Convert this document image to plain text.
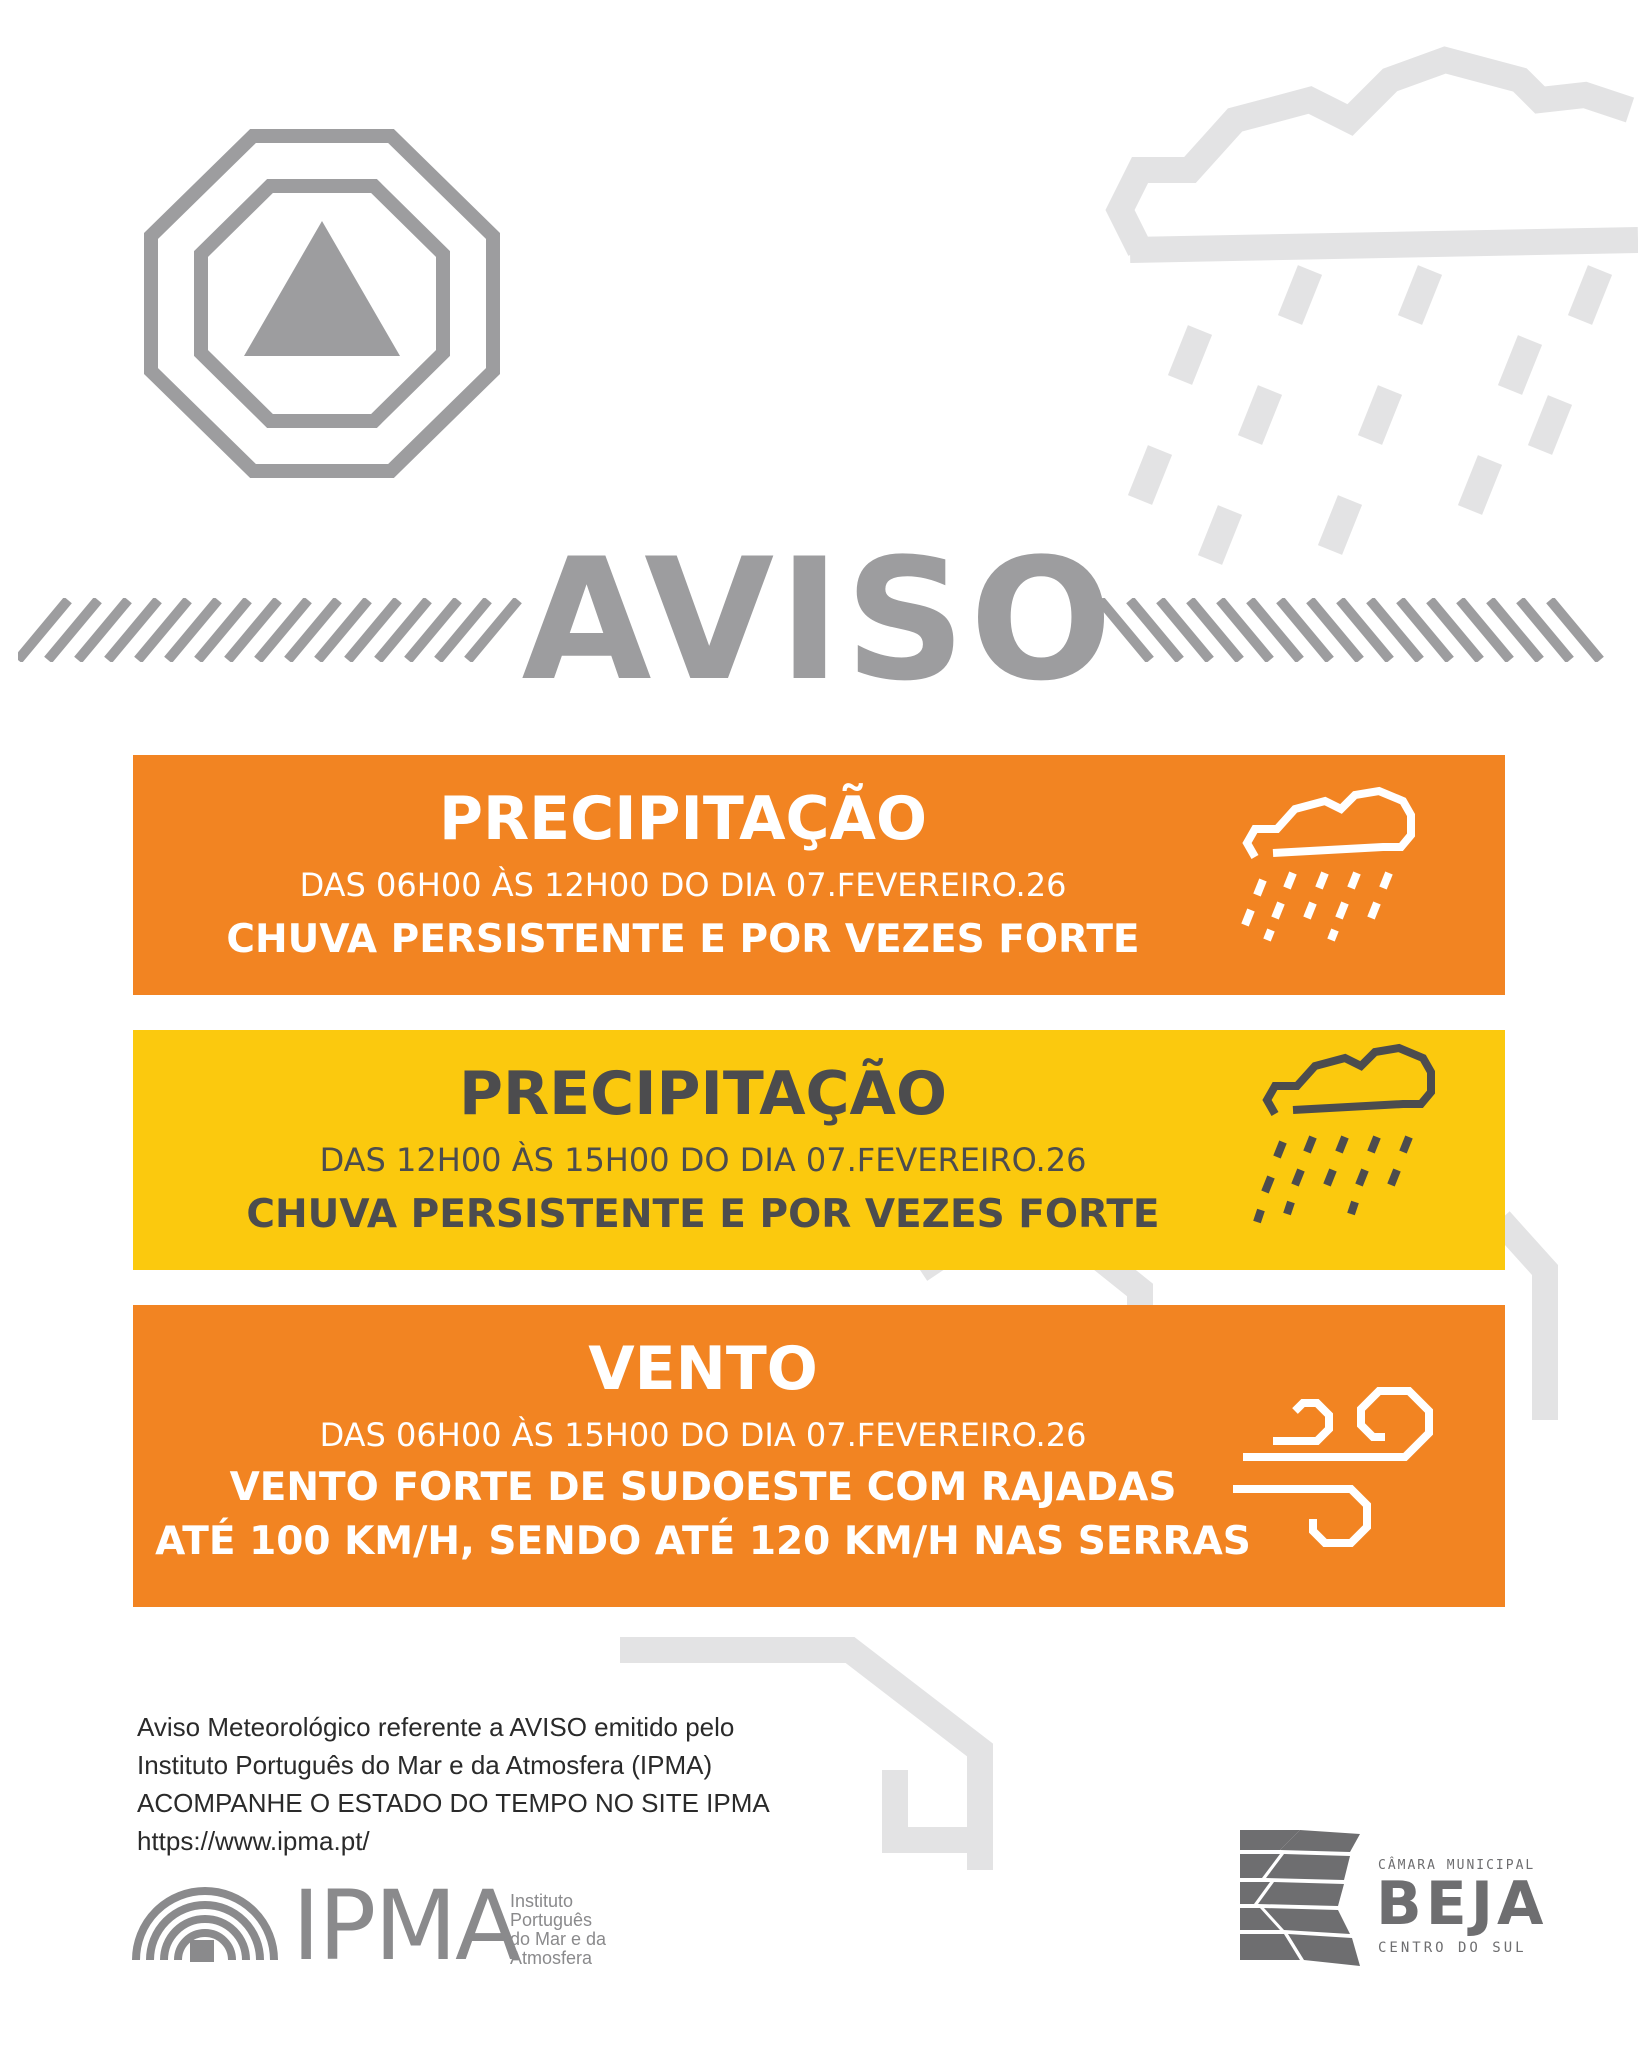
AVISO
PRECIPITAÇÃO
DAS 06H00 ÀS 12H00 DO DIA 07.FEVEREIRO.26
CHUVA PERSISTENTE E POR VEZES FORTE
PRECIPITAÇÃO
DAS 12H00 ÀS 15H00 DO DIA 07.FEVEREIRO.26
CHUVA PERSISTENTE E POR VEZES FORTE
VENTO
DAS 06H00 ÀS 15H00 DO DIA 07.FEVEREIRO.26
VENTO FORTE DE SUDOESTE COM RAJADAS
ATÉ 100 KM/H, SENDO ATÉ 120 KM/H NAS SERRAS
Aviso Meteorológico referente a AVISO emitido pelo
Instituto Português do Mar e da Atmosfera (IPMA)
ACOMPANHE O ESTADO DO TEMPO NO SITE IPMA
https://www.ipma.pt/
IPMA
Instituto
Português
do Mar e da
Atmosfera
CÂMARA MUNICIPAL
BEJA
CENTRO DO SUL
